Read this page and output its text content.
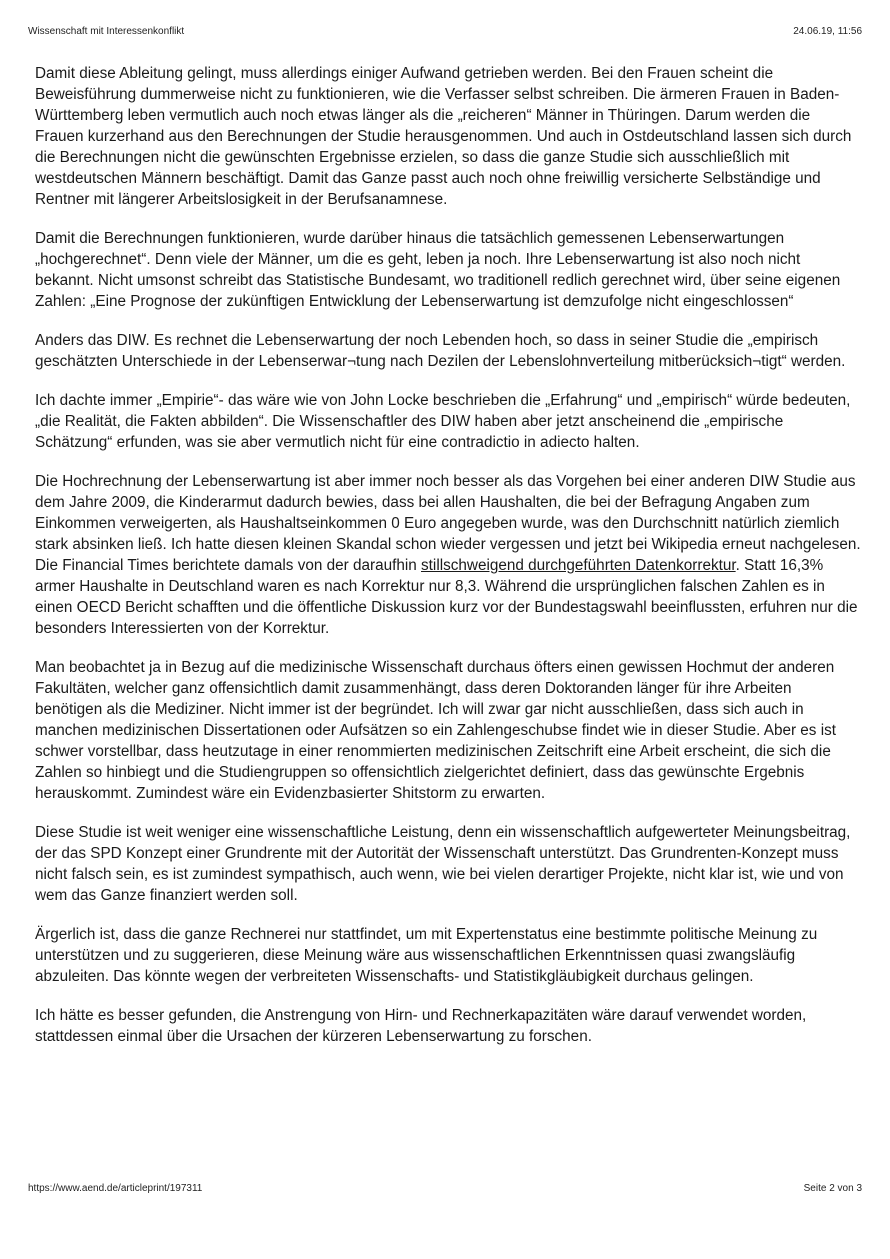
Wissenschaft mit Interessenkonflikt	24.06.19, 11:56

Damit diese Ableitung gelingt, muss allerdings einiger Aufwand getrieben werden. Bei den Frauen scheint die Beweisführung dummerweise nicht zu funktionieren, wie die Verfasser selbst schreiben. Die ärmeren Frauen in Baden-Württemberg leben vermutlich auch noch etwas länger als die „reicheren“ Männer in Thüringen. Darum werden die Frauen kurzerhand aus den Berechnungen der Studie herausgenommen. Und auch in Ostdeutschland lassen sich durch die Berechnungen nicht die gewünschten Ergebnisse erzielen, so dass die ganze Studie sich ausschließlich mit westdeutschen Männern beschäftigt. Damit das Ganze passt auch noch ohne freiwillig versicherte Selbständige und Rentner mit längerer Arbeitslosigkeit in der Berufsanamnese.

Damit die Berechnungen funktionieren, wurde darüber hinaus die tatsächlich gemessenen Lebenserwartungen „hochgerechnet“. Denn viele der Männer, um die es geht, leben ja noch. Ihre Lebenserwartung ist also noch nicht bekannt. Nicht umsonst schreibt das Statistische Bundesamt, wo traditionell redlich gerechnet wird, über seine eigenen Zahlen: „Eine Prognose der zukünftigen Entwicklung der Lebenserwartung ist demzufolge nicht eingeschlossen“

Anders das DIW. Es rechnet die Lebenserwartung der noch Lebenden hoch, so dass in seiner Studie die „empirisch geschätzten Unterschiede in der Lebenserwar¬tung nach Dezilen der Lebenslohnverteilung mitberücksich¬tigt“ werden.

Ich dachte immer „Empirie“- das wäre wie von John Locke beschrieben die „Erfahrung“ und „empirisch“ würde bedeuten, „die Realität, die Fakten abbilden“. Die Wissenschaftler des DIW haben aber jetzt anscheinend die „empirische Schätzung“ erfunden, was sie aber vermutlich nicht für eine contradictio in adiecto halten.

Die Hochrechnung der Lebenserwartung ist aber immer noch besser als das Vorgehen bei einer anderen DIW Studie aus dem Jahre 2009, die Kinderarmut dadurch bewies, dass bei allen Haushalten, die bei der Befragung Angaben zum Einkommen verweigerten, als Haushaltseinkommen 0 Euro angegeben wurde, was den Durchschnitt natürlich ziemlich stark absinken ließ. Ich hatte diesen kleinen Skandal schon wieder vergessen und jetzt bei Wikipedia erneut nachgelesen. Die Financial Times berichtete damals von der daraufhin stillschweigend durchgeführten Datenkorrektur. Statt 16,3% armer Haushalte in Deutschland waren es nach Korrektur nur 8,3. Während die ursprünglichen falschen Zahlen es in einen OECD Bericht schafften und die öffentliche Diskussion kurz vor der Bundestagswahl beeinflussten, erfuhren nur die besonders Interessierten von der Korrektur.

Man beobachtet ja in Bezug auf die medizinische Wissenschaft durchaus öfters einen gewissen Hochmut der anderen Fakultäten, welcher ganz offensichtlich damit zusammenhängt, dass deren Doktoranden länger für ihre Arbeiten benötigen als die Mediziner. Nicht immer ist der begründet. Ich will zwar gar nicht ausschließen, dass sich auch in manchen medizinischen Dissertationen oder Aufsätzen so ein Zahlengeschubse findet wie in dieser Studie. Aber es ist schwer vorstellbar, dass heutzutage in einer renommierten medizinischen Zeitschrift eine Arbeit erscheint, die sich die Zahlen so hinbiegt und die Studiengruppen so offensichtlich zielgerichtet definiert, dass das gewünschte Ergebnis herauskommt. Zumindest wäre ein Evidenzbasierter Shitstorm zu erwarten.

Diese Studie ist weit weniger eine wissenschaftliche Leistung, denn ein wissenschaftlich aufgewerteter Meinungsbeitrag, der das SPD Konzept einer Grundrente mit der Autorität der Wissenschaft unterstützt. Das Grundrenten-Konzept muss nicht falsch sein, es ist zumindest sympathisch, auch wenn, wie bei vielen derartiger Projekte, nicht klar ist, wie und von wem das Ganze finanziert werden soll.

Ärgerlich ist, dass die ganze Rechnerei nur stattfindet, um mit Expertenstatus eine bestimmte politische Meinung zu unterstützen und zu suggerieren, diese Meinung wäre aus wissenschaftlichen Erkenntnissen quasi zwangsläufig abzuleiten. Das könnte wegen der verbreiteten Wissenschafts- und Statistikgläubigkeit durchaus gelingen.

Ich hätte es besser gefunden, die Anstrengung von Hirn- und Rechnerkapazitäten wäre darauf verwendet worden, stattdessen einmal über die Ursachen der kürzeren Lebenserwartung zu forschen.

https://www.aend.de/articleprint/197311	Seite 2 von 3
